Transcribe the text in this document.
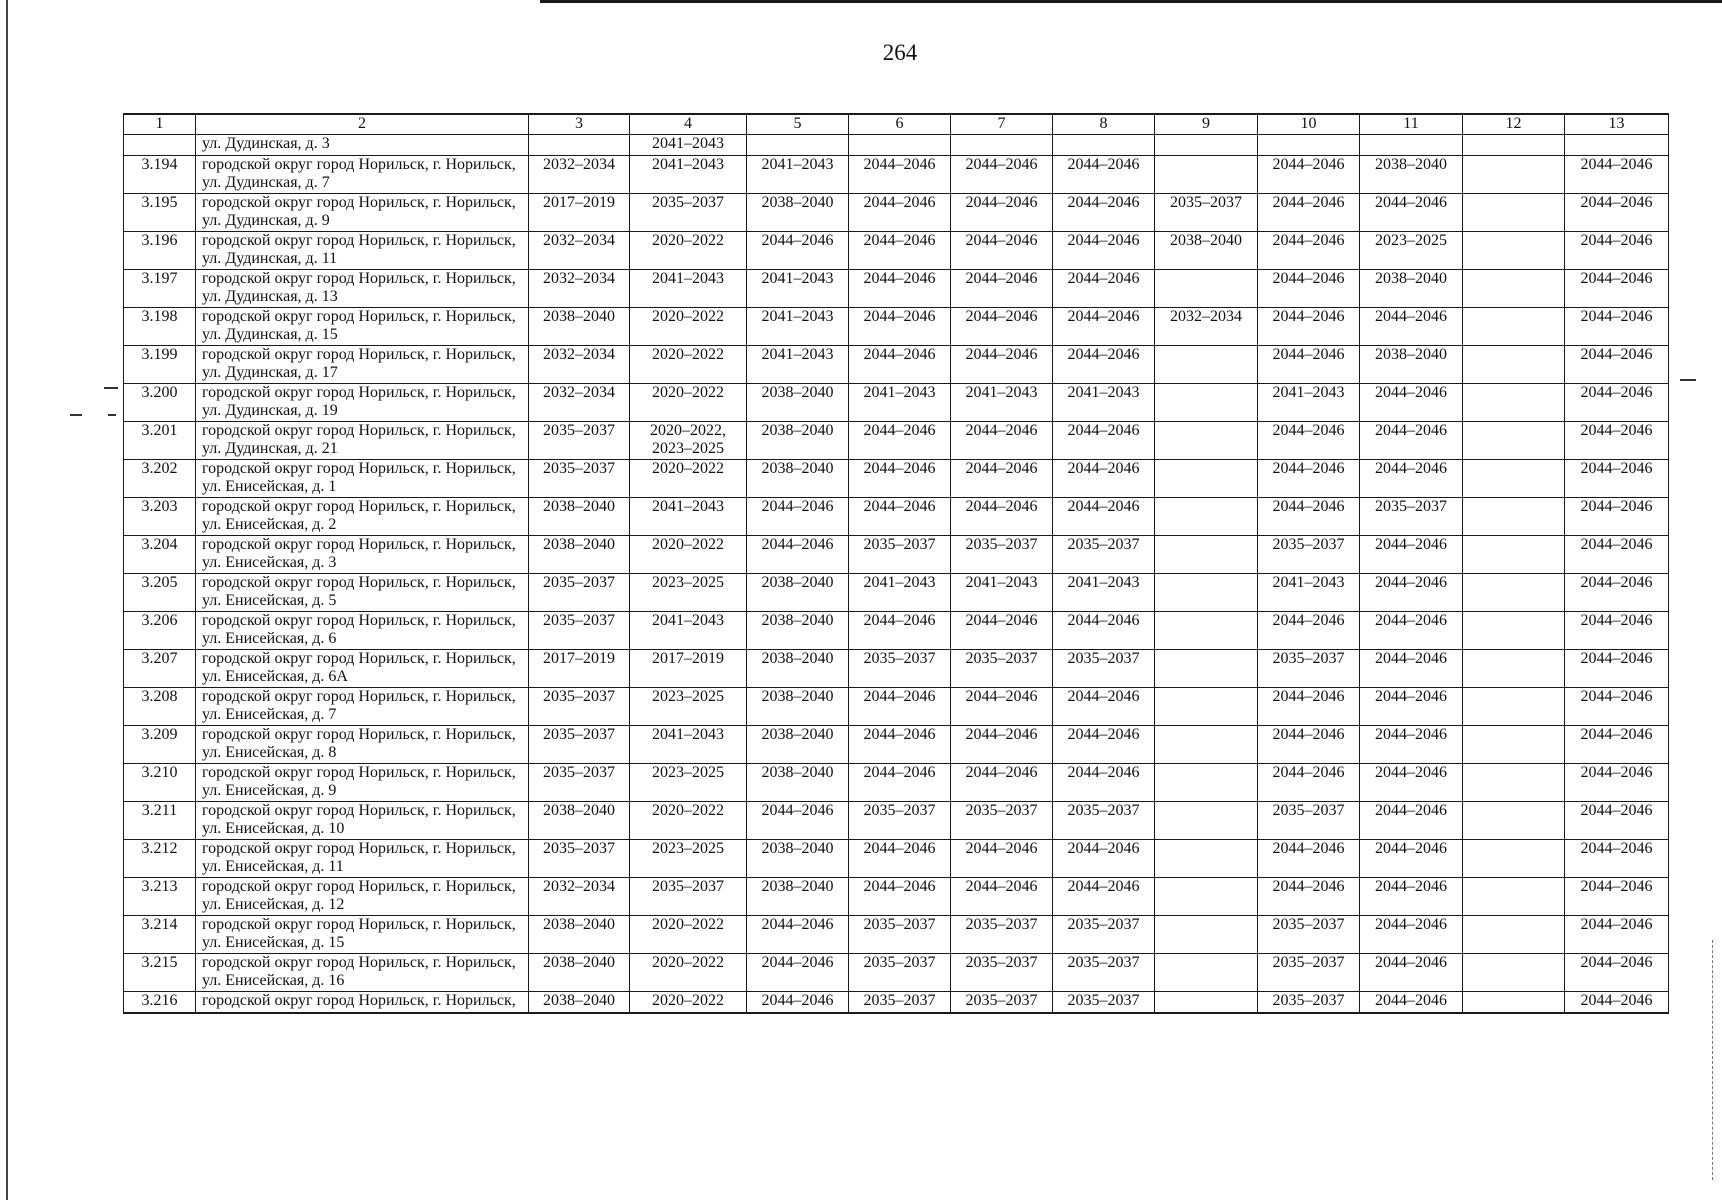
264
1	2	3	4	5	6	7	8	9	10	11	12	13
	ул. Дудинская, д. 3		2041–2043									
3.194	городской округ город Норильск, г. Норильск, ул. Дудинская, д. 7	2032–2034	2041–2043	2041–2043	2044–2046	2044–2046	2044–2046		2044–2046	2038–2040		2044–2046
3.195	городской округ город Норильск, г. Норильск, ул. Дудинская, д. 9	2017–2019	2035–2037	2038–2040	2044–2046	2044–2046	2044–2046	2035–2037	2044–2046	2044–2046		2044–2046
3.196	городской округ город Норильск, г. Норильск, ул. Дудинская, д. 11	2032–2034	2020–2022	2044–2046	2044–2046	2044–2046	2044–2046	2038–2040	2044–2046	2023–2025		2044–2046
3.197	городской округ город Норильск, г. Норильск, ул. Дудинская, д. 13	2032–2034	2041–2043	2041–2043	2044–2046	2044–2046	2044–2046		2044–2046	2038–2040		2044–2046
3.198	городской округ город Норильск, г. Норильск, ул. Дудинская, д. 15	2038–2040	2020–2022	2041–2043	2044–2046	2044–2046	2044–2046	2032–2034	2044–2046	2044–2046		2044–2046
3.199	городской округ город Норильск, г. Норильск, ул. Дудинская, д. 17	2032–2034	2020–2022	2041–2043	2044–2046	2044–2046	2044–2046		2044–2046	2038–2040		2044–2046
3.200	городской округ город Норильск, г. Норильск, ул. Дудинская, д. 19	2032–2034	2020–2022	2038–2040	2041–2043	2041–2043	2041–2043		2041–2043	2044–2046		2044–2046
3.201	городской округ город Норильск, г. Норильск, ул. Дудинская, д. 21	2035–2037	2020–2022, 2023–2025	2038–2040	2044–2046	2044–2046	2044–2046		2044–2046	2044–2046		2044–2046
3.202	городской округ город Норильск, г. Норильск, ул. Енисейская, д. 1	2035–2037	2020–2022	2038–2040	2044–2046	2044–2046	2044–2046		2044–2046	2044–2046		2044–2046
3.203	городской округ город Норильск, г. Норильск, ул. Енисейская, д. 2	2038–2040	2041–2043	2044–2046	2044–2046	2044–2046	2044–2046		2044–2046	2035–2037		2044–2046
3.204	городской округ город Норильск, г. Норильск, ул. Енисейская, д. 3	2038–2040	2020–2022	2044–2046	2035–2037	2035–2037	2035–2037		2035–2037	2044–2046		2044–2046
3.205	городской округ город Норильск, г. Норильск, ул. Енисейская, д. 5	2035–2037	2023–2025	2038–2040	2041–2043	2041–2043	2041–2043		2041–2043	2044–2046		2044–2046
3.206	городской округ город Норильск, г. Норильск, ул. Енисейская, д. 6	2035–2037	2041–2043	2038–2040	2044–2046	2044–2046	2044–2046		2044–2046	2044–2046		2044–2046
3.207	городской округ город Норильск, г. Норильск, ул. Енисейская, д. 6А	2017–2019	2017–2019	2038–2040	2035–2037	2035–2037	2035–2037		2035–2037	2044–2046		2044–2046
3.208	городской округ город Норильск, г. Норильск, ул. Енисейская, д. 7	2035–2037	2023–2025	2038–2040	2044–2046	2044–2046	2044–2046		2044–2046	2044–2046		2044–2046
3.209	городской округ город Норильск, г. Норильск, ул. Енисейская, д. 8	2035–2037	2041–2043	2038–2040	2044–2046	2044–2046	2044–2046		2044–2046	2044–2046		2044–2046
3.210	городской округ город Норильск, г. Норильск, ул. Енисейская, д. 9	2035–2037	2023–2025	2038–2040	2044–2046	2044–2046	2044–2046		2044–2046	2044–2046		2044–2046
3.211	городской округ город Норильск, г. Норильск, ул. Енисейская, д. 10	2038–2040	2020–2022	2044–2046	2035–2037	2035–2037	2035–2037		2035–2037	2044–2046		2044–2046
3.212	городской округ город Норильск, г. Норильск, ул. Енисейская, д. 11	2035–2037	2023–2025	2038–2040	2044–2046	2044–2046	2044–2046		2044–2046	2044–2046		2044–2046
3.213	городской округ город Норильск, г. Норильск, ул. Енисейская, д. 12	2032–2034	2035–2037	2038–2040	2044–2046	2044–2046	2044–2046		2044–2046	2044–2046		2044–2046
3.214	городской округ город Норильск, г. Норильск, ул. Енисейская, д. 15	2038–2040	2020–2022	2044–2046	2035–2037	2035–2037	2035–2037		2035–2037	2044–2046		2044–2046
3.215	городской округ город Норильск, г. Норильск, ул. Енисейская, д. 16	2038–2040	2020–2022	2044–2046	2035–2037	2035–2037	2035–2037		2035–2037	2044–2046		2044–2046
3.216	городской округ город Норильск, г. Норильск,	2038–2040	2020–2022	2044–2046	2035–2037	2035–2037	2035–2037		2035–2037	2044–2046		2044–2046
